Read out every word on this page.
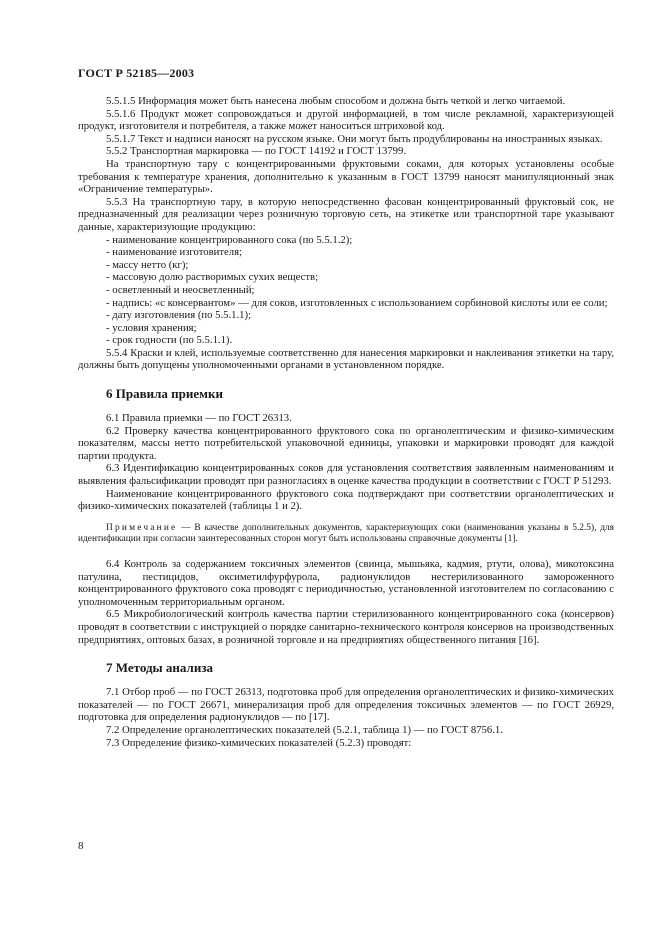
ГОСТ Р 52185—2003

5.5.1.5 Информация может быть нанесена любым способом и должна быть четкой и легко читаемой.

5.5.1.6 Продукт может сопровождаться и другой информацией, в том числе рекламной, характеризующей продукт, изготовителя и потребителя, а также может наноситься штриховой код.

5.5.1.7 Текст и надписи наносят на русском языке. Они могут быть продублированы на иностранных языках.

5.5.2 Транспортная маркировка — по ГОСТ 14192 и ГОСТ 13799.

На транспортную тару с концентрированными фруктовыми соками, для которых установлены особые требования к температуре хранения, дополнительно к указанным в ГОСТ 13799 наносят манипуляционный знак «Ограничение температуры».

5.5.3 На транспортную тару, в которую непосредственно фасован концентрированный фруктовый сок, не предназначенный для реализации через розничную торговую сеть, на этикетке или транспортной таре указывают данные, характеризующие продукцию:

- наименование концентрированного сока (по 5.5.1.2);

- наименование изготовителя;

- массу нетто (кг);

- массовую долю растворимых сухих веществ;

- осветленный и неосветленный;

- надпись: «с консервантом» — для соков, изготовленных с использованием сорбиновой кислоты или ее соли;

- дату изготовления (по 5.5.1.1);

- условия хранения;

- срок годности (по 5.5.1.1).

5.5.4 Краски и клей, используемые соответственно для нанесения маркировки и наклеивания этикетки на тару, должны быть допущены уполномоченными органами в установленном порядке.

6 Правила приемки

6.1 Правила приемки — по ГОСТ 26313.

6.2 Проверку качества концентрированного фруктового сока по органолептическим и физико-химическим показателям, массы нетто потребительской упаковочной единицы, упаковки и маркировки проводят для каждой партии продукта.

6.3 Идентификацию концентрированных соков для установления соответствия заявленным наименованиям и выявления фальсификации проводят при разногласиях в оценке качества продукции в соответствии с ГОСТ Р 51293.

Наименование концентрированного фруктового сока подтверждают при соответствии органолептических и физико-химических показателей (таблицы 1 и 2).

Примечание — В качестве дополнительных документов, характеризующих соки (наименования указаны в 5.2.5), для идентификации при согласии заинтересованных сторон могут быть использованы справочные документы [1].

6.4 Контроль за содержанием токсичных элементов (свинца, мышьяка, кадмия, ртути, олова), микотоксина патулина, пестицидов, оксиметилфурфурола, радионуклидов нестерилизованного замороженного концентрированного фруктового сока проводят с периодичностью, установленной изготовителем по согласованию с уполномоченным территориальным органом.

6.5 Микробиологический контроль качества партии стерилизованного концентрированного сока (консервов) проводят в соответствии с инструкцией о порядке санитарно-технического контроля консервов на производственных предприятиях, оптовых базах, в розничной торговле и на предприятиях общественного питания [16].

7 Методы анализа

7.1 Отбор проб — по ГОСТ 26313, подготовка проб для определения органолептических и физико-химических показателей — по ГОСТ 26671, минерализация проб для определения токсичных элементов — по ГОСТ 26929, подготовка для определения радионуклидов — по [17].

7.2 Определение органолептических показателей (5.2.1, таблица 1) — по ГОСТ 8756.1.

7.3 Определение физико-химических показателей (5.2.3) проводят:

8
